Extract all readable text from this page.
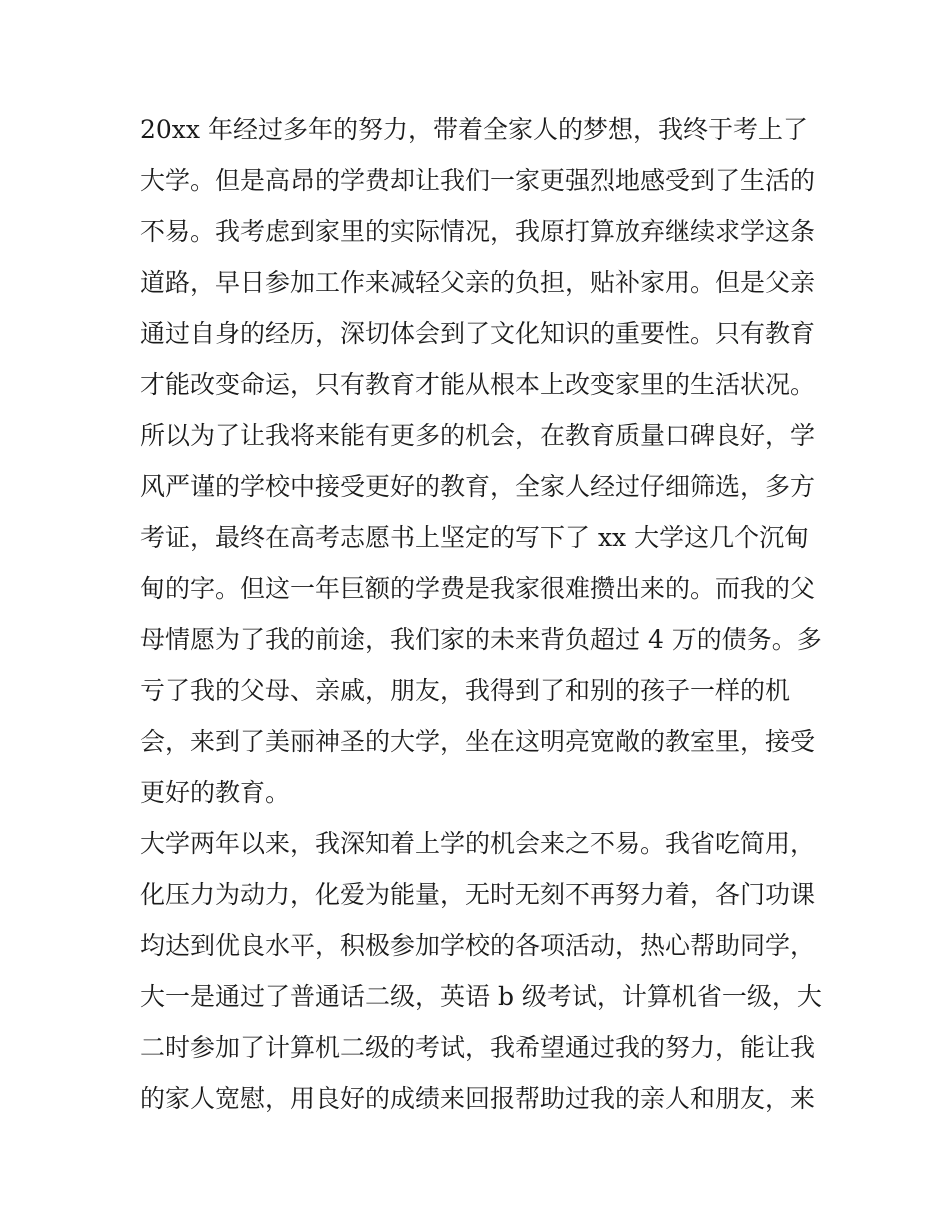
20xx 年经过多年的努力，带着全家人的梦想，我终于考上了
大学。但是高昂的学费却让我们一家更强烈地感受到了生活的
不易。我考虑到家里的实际情况，我原打算放弃继续求学这条
道路，早日参加工作来减轻父亲的负担，贴补家用。但是父亲
通过自身的经历，深切体会到了文化知识的重要性。只有教育
才能改变命运，只有教育才能从根本上改变家里的生活状况。
所以为了让我将来能有更多的机会，在教育质量口碑良好，学
风严谨的学校中接受更好的教育，全家人经过仔细筛选，多方
考证，最终在高考志愿书上坚定的写下了 xx 大学这几个沉甸
甸的字。但这一年巨额的学费是我家很难攒出来的。而我的父
母情愿为了我的前途，我们家的未来背负超过 4 万的债务。多
亏了我的父母、亲戚，朋友，我得到了和别的孩子一样的机
会，来到了美丽神圣的大学，坐在这明亮宽敞的教室里，接受
更好的教育。
大学两年以来，我深知着上学的机会来之不易。我省吃简用，
化压力为动力，化爱为能量，无时无刻不再努力着，各门功课
均达到优良水平，积极参加学校的各项活动，热心帮助同学，
大一是通过了普通话二级，英语 b 级考试，计算机省一级，大
二时参加了计算机二级的考试，我希望通过我的努力，能让我
的家人宽慰，用良好的成绩来回报帮助过我的亲人和朋友，来
